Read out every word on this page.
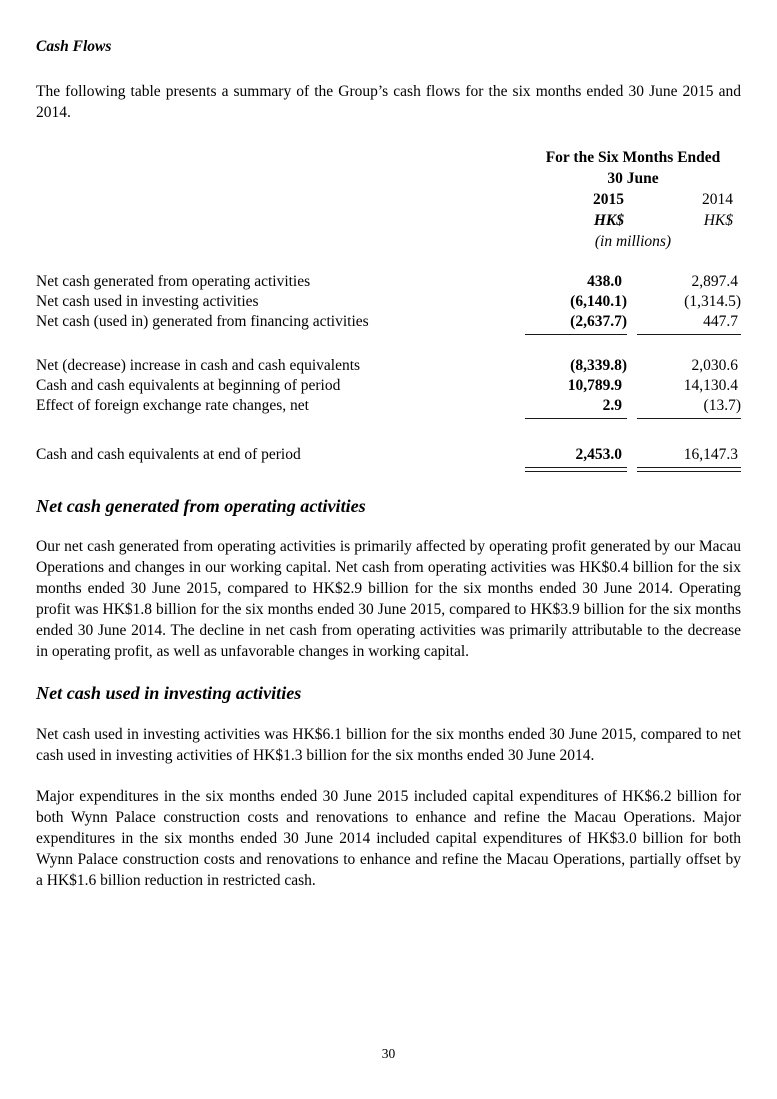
Cash Flows

The following table presents a summary of the Group’s cash flows for the six months ended 30 June 2015 and 2014.

For the Six Months Ended
30 June
2015	2014
HK$	HK$
(in millions)
Net cash generated from operating activities	438.0	2,897.4
Net cash used in investing activities	(6,140.1)	(1,314.5)
Net cash (used in) generated from financing activities	(2,637.7)	447.7
Net (decrease) increase in cash and cash equivalents	(8,339.8)	2,030.6
Cash and cash equivalents at beginning of period	10,789.9	14,130.4
Effect of foreign exchange rate changes, net	2.9	(13.7)
Cash and cash equivalents at end of period	2,453.0	16,147.3
Net cash generated from operating activities

Our net cash generated from operating activities is primarily affected by operating profit generated by our Macau Operations and changes in our working capital. Net cash from operating activities was HK$0.4 billion for the six months ended 30 June 2015, compared to HK$2.9 billion for the six months ended 30 June 2014. Operating profit was HK$1.8 billion for the six months ended 30 June 2015, compared to HK$3.9 billion for the six months ended 30 June 2014. The decline in net cash from operating activities was primarily attributable to the decrease in operating profit, as well as unfavorable changes in working capital.

Net cash used in investing activities

Net cash used in investing activities was HK$6.1 billion for the six months ended 30 June 2015, compared to net cash used in investing activities of HK$1.3 billion for the six months ended 30 June 2014.

Major expenditures in the six months ended 30 June 2015 included capital expenditures of HK$6.2 billion for both Wynn Palace construction costs and renovations to enhance and refine the Macau Operations. Major expenditures in the six months ended 30 June 2014 included capital expenditures of HK$3.0 billion for both Wynn Palace construction costs and renovations to enhance and refine the Macau Operations, partially offset by a HK$1.6 billion reduction in restricted cash.

30
